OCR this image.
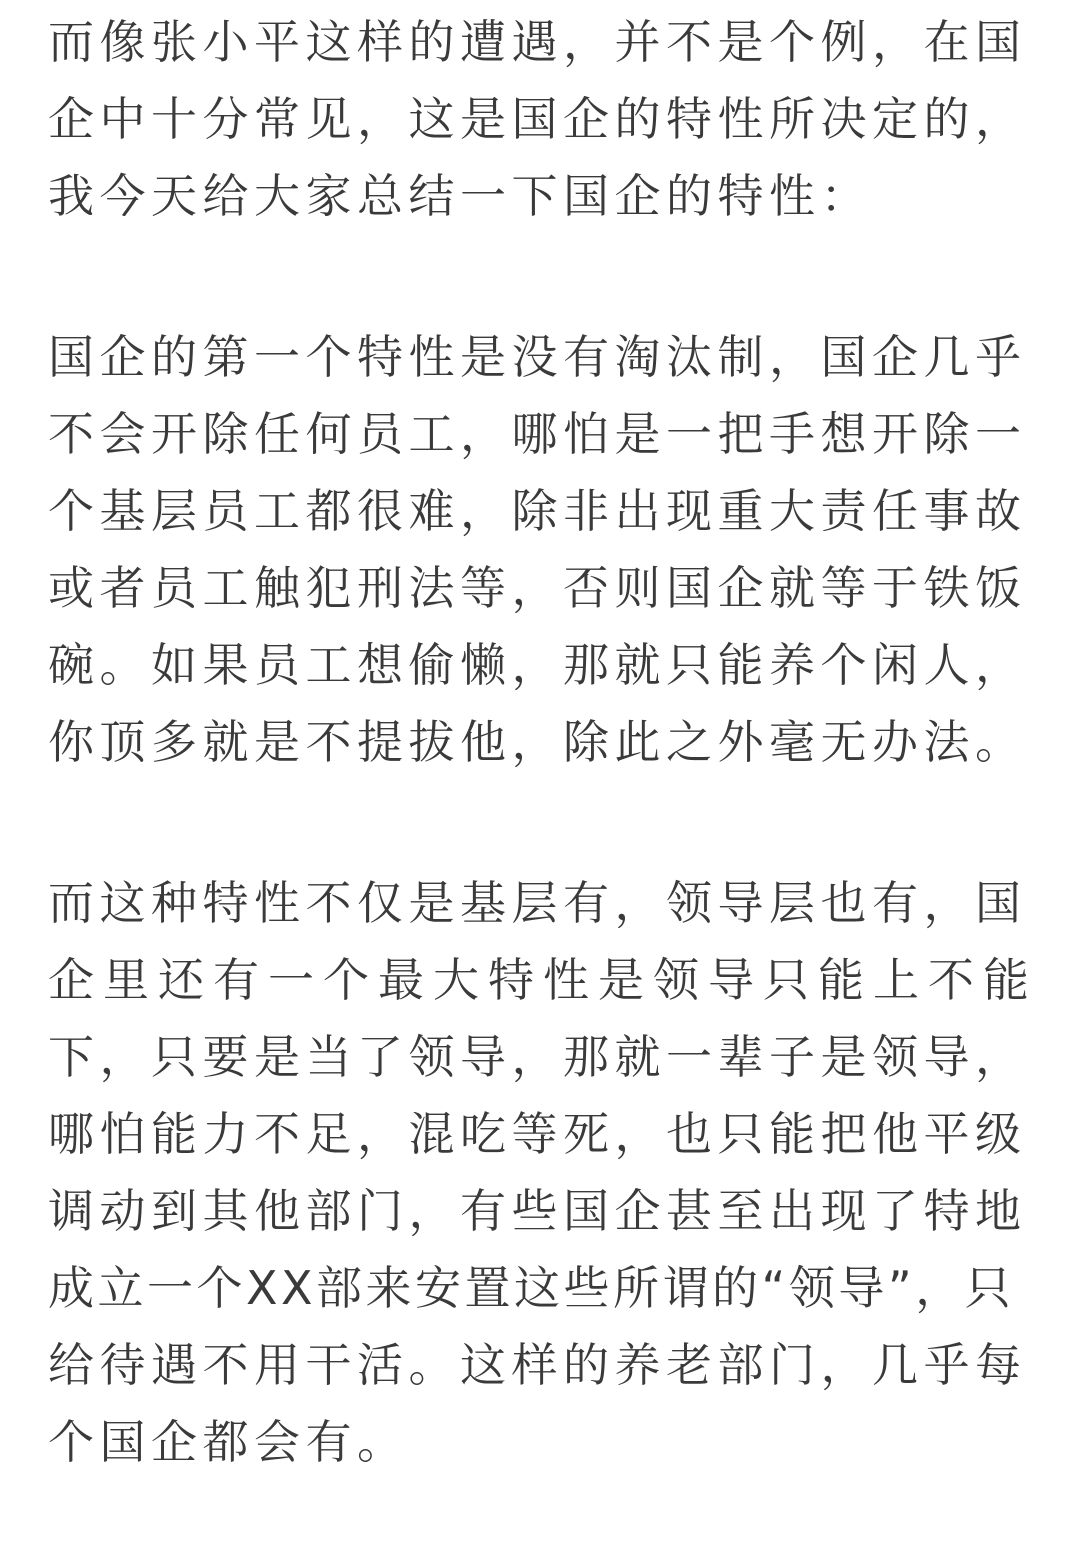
而像张小平这样的遭遇，并不是个例，在国
企中十分常见，这是国企的特性所决定的，
我今天给大家总结一下国企的特性：

国企的第一个特性是没有淘汰制，国企几乎
不会开除任何员工，哪怕是一把手想开除一
个基层员工都很难，除非出现重大责任事故
或者员工触犯刑法等，否则国企就等于铁饭
碗。如果员工想偷懒，那就只能养个闲人，
你顶多就是不提拔他，除此之外毫无办法。

而这种特性不仅是基层有，领导层也有，国
企里还有一个最大特性是领导只能上不能
下，只要是当了领导，那就一辈子是领导，
哪怕能力不足，混吃等死，也只能把他平级
调动到其他部门，有些国企甚至出现了特地
成立一个XX部来安置这些所谓的“领导”，只
给待遇不用干活。这样的养老部门，几乎每
个国企都会有。
